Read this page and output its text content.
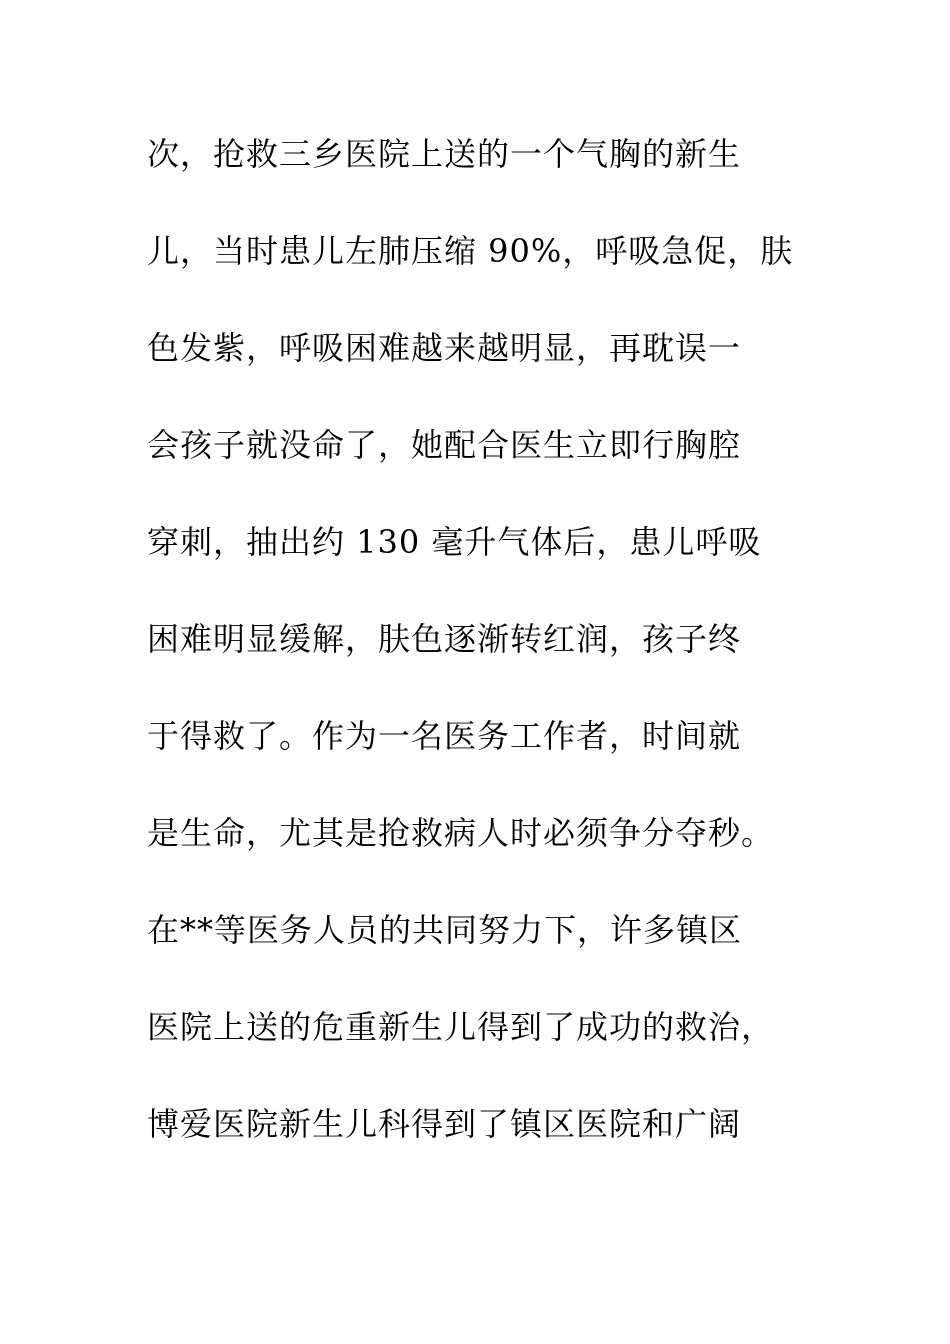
次，抢救三乡医院上送的一个气胸的新生
儿，当时患儿左肺压缩 90%，呼吸急促，肤
色发紫，呼吸困难越来越明显，再耽误一
会孩子就没命了，她配合医生立即行胸腔
穿刺，抽出约 130 毫升气体后，患儿呼吸
困难明显缓解，肤色逐渐转红润，孩子终
于得救了。作为一名医务工作者，时间就
是生命，尤其是抢救病人时必须争分夺秒。
在**等医务人员的共同努力下，许多镇区
医院上送的危重新生儿得到了成功的救治，
博爱医院新生儿科得到了镇区医院和广阔
